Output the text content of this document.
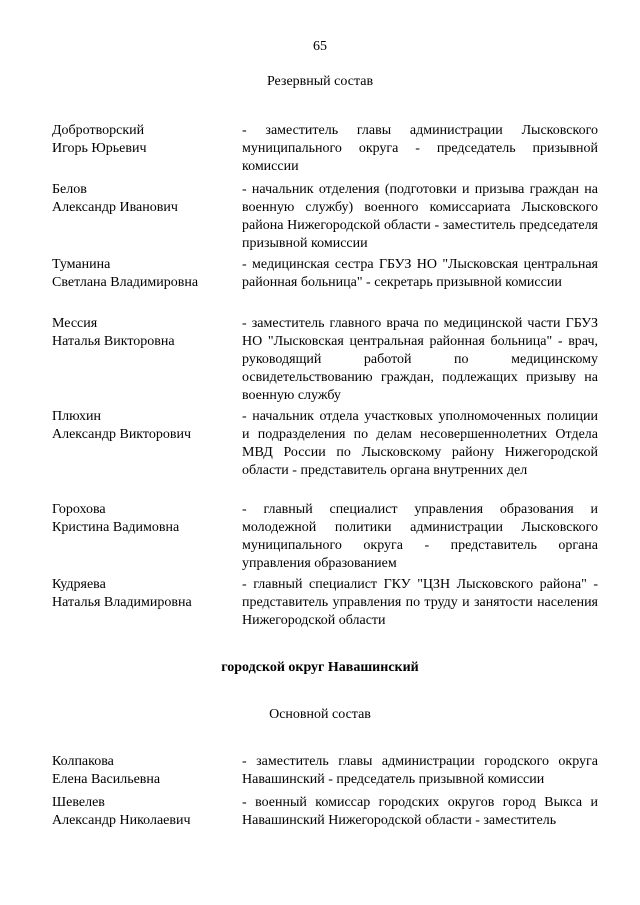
65
Резервный состав
Добротворский
Игорь Юрьевич
- заместитель главы администрации Лысковского муниципального округа - председатель призывной комиссии
Белов
Александр Иванович
- начальник отделения (подготовки и призыва граждан на военную службу) военного комиссариата Лысковского района Нижегородской области - заместитель председателя призывной комиссии
Туманина
Светлана Владимировна
- медицинская сестра ГБУЗ НО "Лысковская центральная районная больница" - секретарь призывной комиссии
Мессия
Наталья Викторовна
- заместитель главного врача по медицинской части ГБУЗ НО "Лысковская центральная районная больница" - врач, руководящий работой по медицинскому освидетельствованию граждан, подлежащих призыву на военную службу
Плюхин
Александр Викторович
- начальник отдела участковых уполномоченных полиции и подразделения по делам несовершеннолетних Отдела МВД России по Лысковскому району Нижегородской области - представитель органа внутренних дел
Горохова
Кристина Вадимовна
- главный специалист управления образования и молодежной политики администрации Лысковского муниципального округа - представитель органа управления образованием
Кудряева
Наталья Владимировна
- главный специалист ГКУ "ЦЗН Лысковского района" - представитель управления по труду и занятости населения Нижегородской области
городской округ Навашинский
Основной состав
Колпакова
Елена Васильевна
- заместитель главы администрации городского округа Навашинский - председатель призывной комиссии
Шевелев
Александр Николаевич
- военный комиссар городских округов город Выкса и Навашинский Нижегородской области - заместитель
